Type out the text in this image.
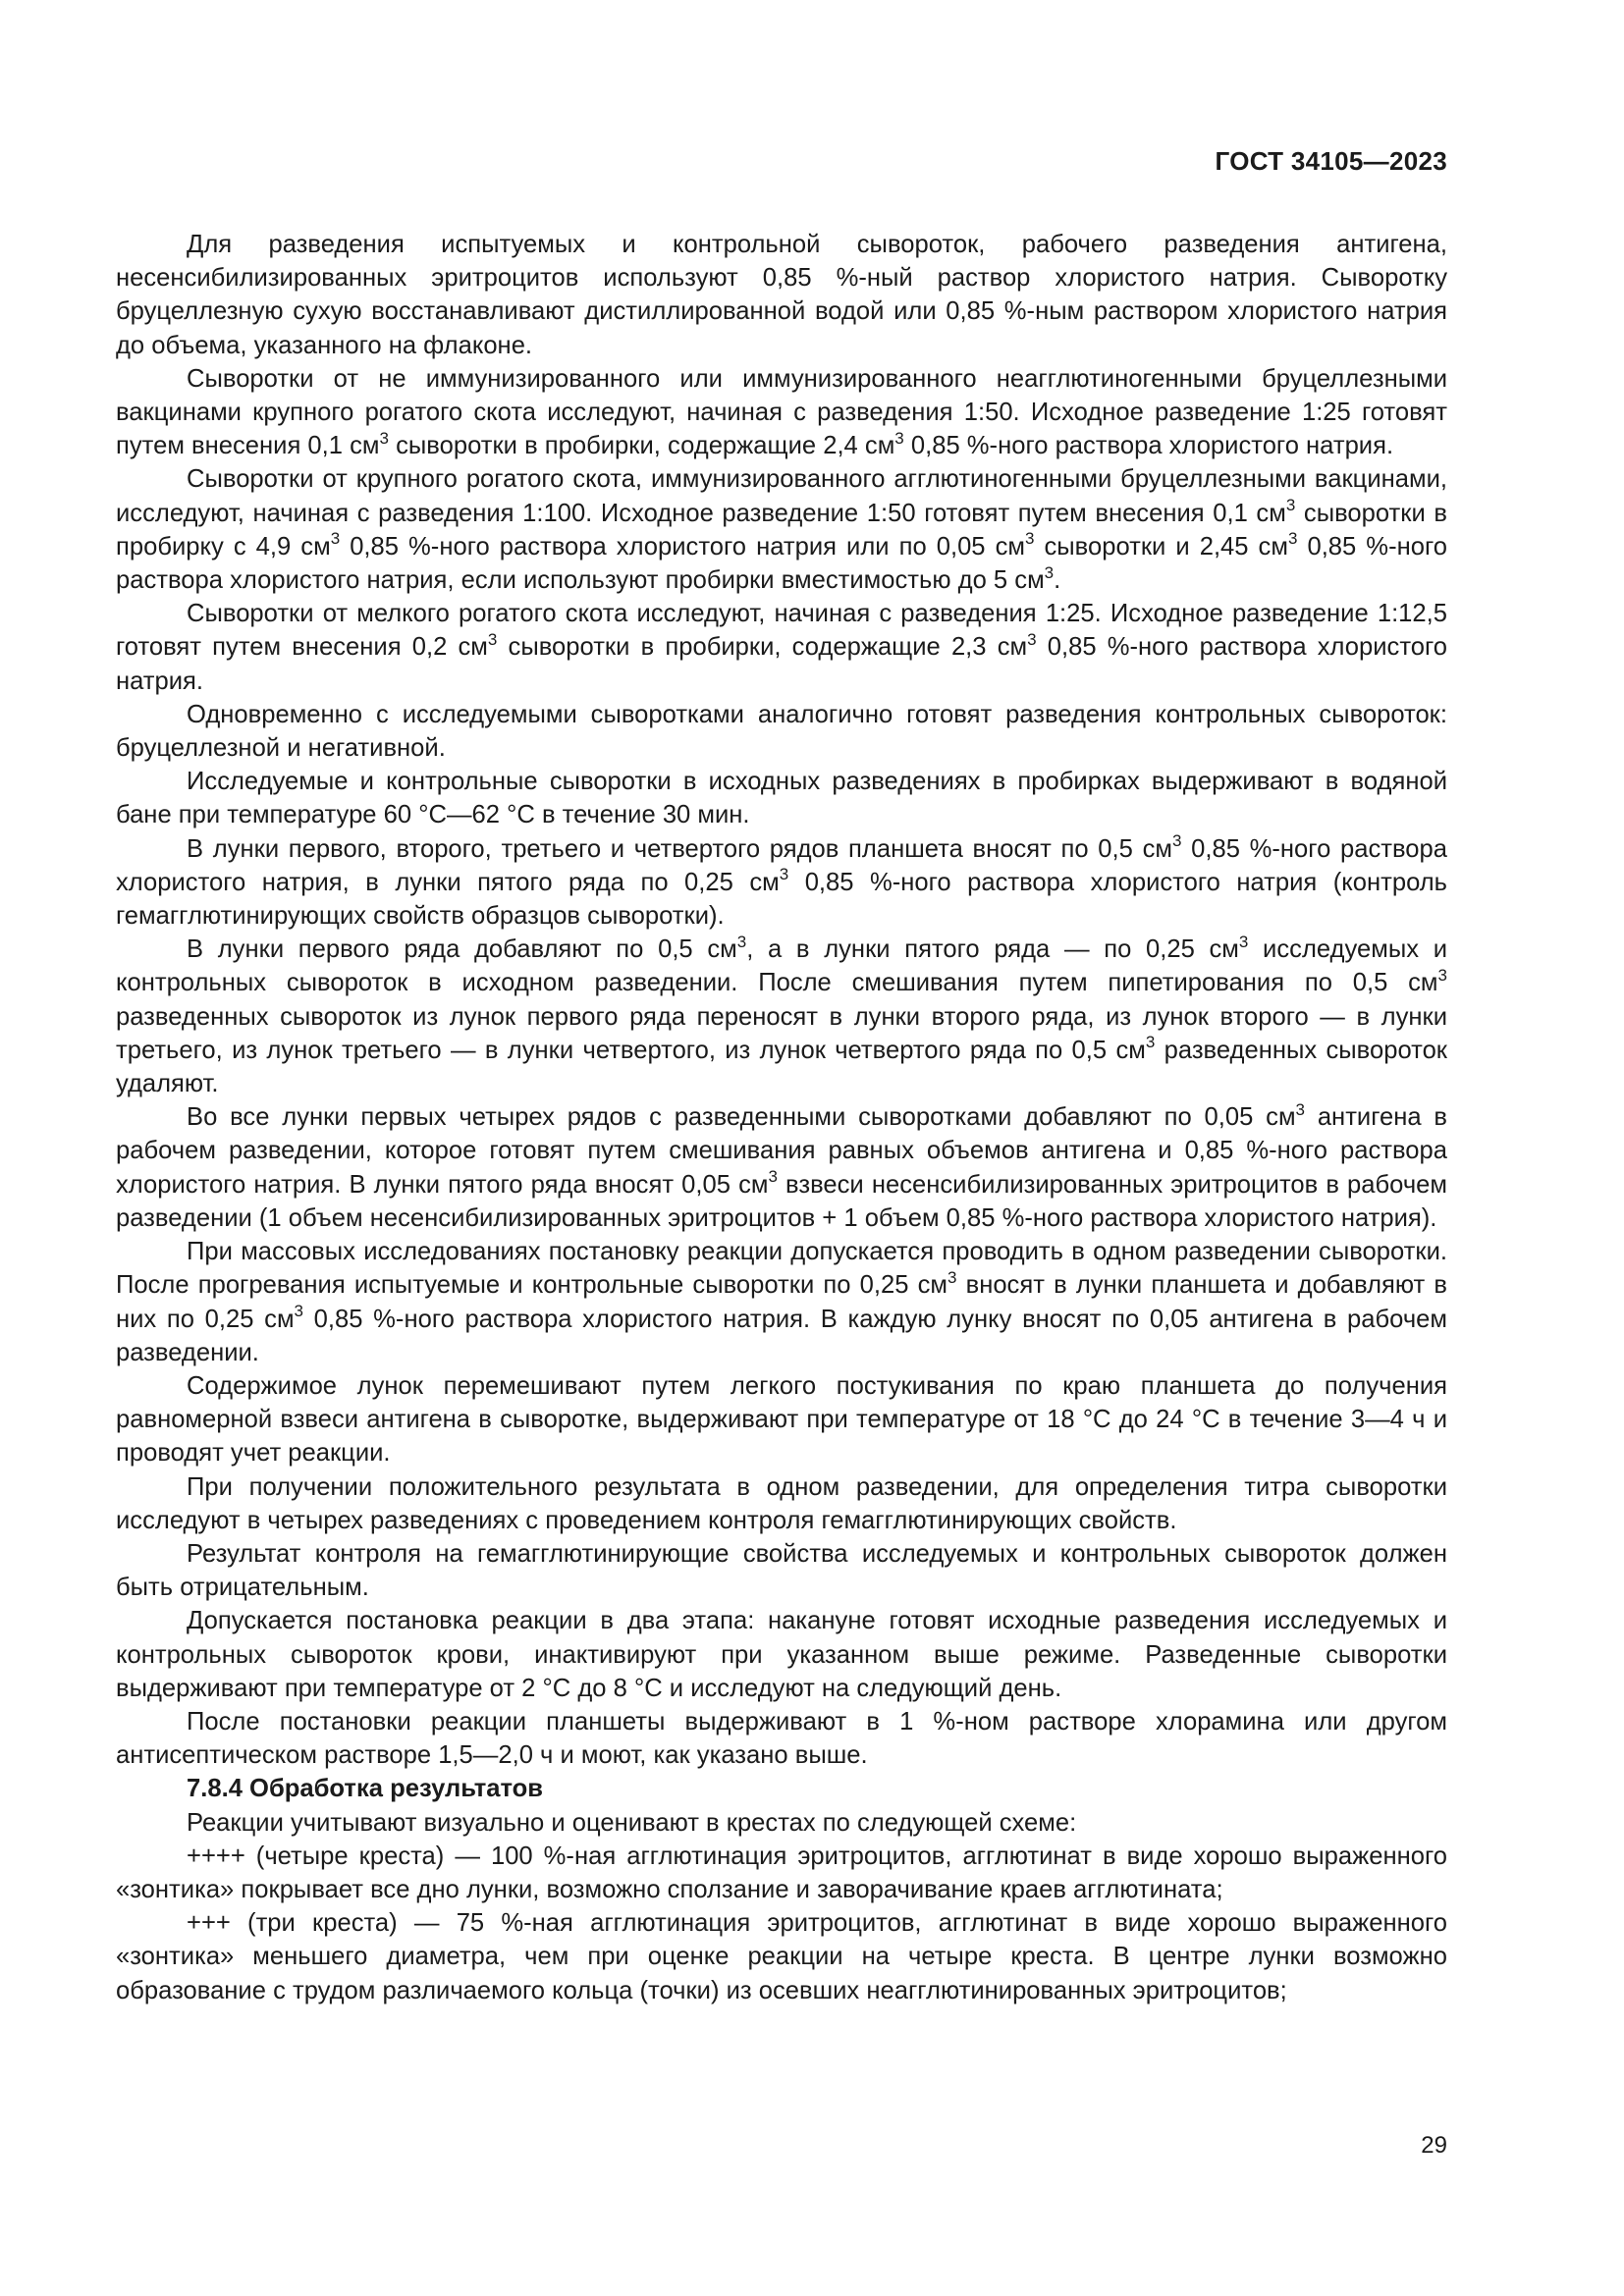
ГОСТ 34105—2023

Для разведения испытуемых и контрольной сывороток, рабочего разведения антигена, несенсибилизированных эритроцитов используют 0,85 %-ный раствор хлористого натрия. Сыворотку бруцеллезную сухую восстанавливают дистиллированной водой или 0,85 %-ным раствором хлористого натрия до объема, указанного на флаконе.

Сыворотки от не иммунизированного или иммунизированного неагглютиногенными бруцеллезными вакцинами крупного рогатого скота исследуют, начиная с разведения 1:50. Исходное разведение 1:25 готовят путем внесения 0,1 $см^3$ сыворотки в пробирки, содержащие 2,4 $см^3$ 0,85 %-ного раствора хлористого натрия.

Сыворотки от крупного рогатого скота, иммунизированного агглютиногенными бруцеллезными вакцинами, исследуют, начиная с разведения 1:100. Исходное разведение 1:50 готовят путем внесения 0,1 $см^3$ сыворотки в пробирку с 4,9 $см^3$ 0,85 %-ного раствора хлористого натрия или по 0,05 $см^3$ сыворотки и 2,45 $см^3$ 0,85 %-ного раствора хлористого натрия, если используют пробирки вместимостью до 5 $см^3$.

Сыворотки от мелкого рогатого скота исследуют, начиная с разведения 1:25. Исходное разведение 1:12,5 готовят путем внесения 0,2 $см^3$ сыворотки в пробирки, содержащие 2,3 $см^3$ 0,85 %-ного раствора хлористого натрия.

Одновременно с исследуемыми сыворотками аналогично готовят разведения контрольных сывороток: бруцеллезной и негативной.

Исследуемые и контрольные сыворотки в исходных разведениях в пробирках выдерживают в водяной бане при температуре 60 °С—62 °С в течение 30 мин.

В лунки первого, второго, третьего и четвертого рядов планшета вносят по 0,5 $см^3$ 0,85 %-ного раствора хлористого натрия, в лунки пятого ряда по 0,25 $см^3$ 0,85 %-ного раствора хлористого натрия (контроль гемагглютинирующих свойств образцов сыворотки).

В лунки первого ряда добавляют по 0,5 $см^3$, а в лунки пятого ряда — по 0,25 $см^3$ исследуемых и контрольных сывороток в исходном разведении. После смешивания путем пипетирования по 0,5 $см^3$ разведенных сывороток из лунок первого ряда переносят в лунки второго ряда, из лунок второго — в лунки третьего, из лунок третьего — в лунки четвертого, из лунок четвертого ряда по 0,5 $см^3$ разведенных сывороток удаляют.

Во все лунки первых четырех рядов с разведенными сыворотками добавляют по 0,05 $см^3$ антигена в рабочем разведении, которое готовят путем смешивания равных объемов антигена и 0,85 %-ного раствора хлористого натрия. В лунки пятого ряда вносят 0,05 $см^3$ взвеси несенсибилизированных эритроцитов в рабочем разведении (1 объем несенсибилизированных эритроцитов + 1 объем 0,85 %-ного раствора хлористого натрия).

При массовых исследованиях постановку реакции допускается проводить в одном разведении сыворотки. После прогревания испытуемые и контрольные сыворотки по 0,25 $см^3$ вносят в лунки планшета и добавляют в них по 0,25 $см^3$ 0,85 %-ного раствора хлористого натрия. В каждую лунку вносят по 0,05 антигена в рабочем разведении.

Содержимое лунок перемешивают путем легкого постукивания по краю планшета до получения равномерной взвеси антигена в сыворотке, выдерживают при температуре от 18 °С до 24 °С в течение 3—4 ч и проводят учет реакции.

При получении положительного результата в одном разведении, для определения титра сыворотки исследуют в четырех разведениях с проведением контроля гемагглютинирующих свойств.

Результат контроля на гемагглютинирующие свойства исследуемых и контрольных сывороток должен быть отрицательным.

Допускается постановка реакции в два этапа: накануне готовят исходные разведения исследуемых и контрольных сывороток крови, инактивируют при указанном выше режиме. Разведенные сыворотки выдерживают при температуре от 2 °С до 8 °С и исследуют на следующий день.

После постановки реакции планшеты выдерживают в 1 %-ном растворе хлорамина или другом антисептическом растворе 1,5—2,0 ч и моют, как указано выше.

7.8.4 Обработка результатов

Реакции учитывают визуально и оценивают в крестах по следующей схеме:

++++ (четыре креста) — 100 %-ная агглютинация эритроцитов, агглютинат в виде хорошо выраженного «зонтика» покрывает все дно лунки, возможно сползание и заворачивание краев агглютината;

+++ (три креста) — 75 %-ная агглютинация эритроцитов, агглютинат в виде хорошо выраженного «зонтика» меньшего диаметра, чем при оценке реакции на четыре креста. В центре лунки возможно образование с трудом различаемого кольца (точки) из осевших неагглютинированных эритроцитов;

29
